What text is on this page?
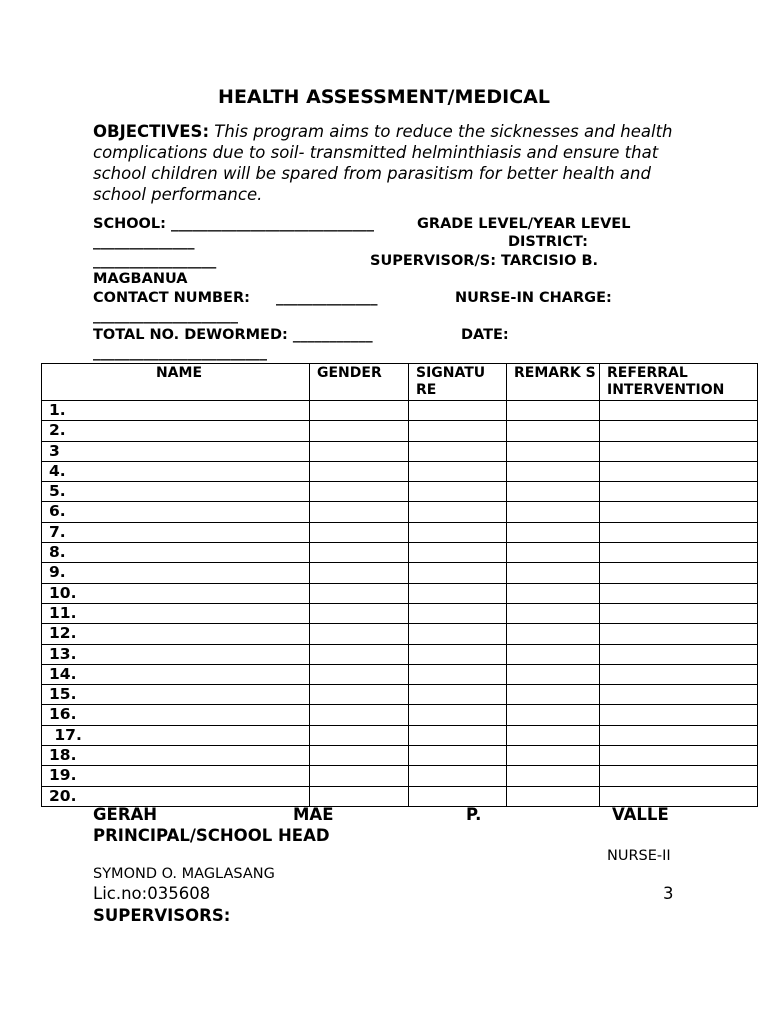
HEALTH ASSESSMENT/MEDICAL
OBJECTIVES: This program aims to reduce the sicknesses and health complications due to soil- transmitted helminthiasis and ensure that school children will be spared from parasitism for better health and school performance.
SCHOOL: ____________________________	GRADE LEVEL/YEAR LEVEL
______________	DISTRICT:
_________________	SUPERVISOR/S: TARCISIO B.
MAGBANUA
CONTACT NUMBER: ______________	NURSE-IN CHARGE:
____________________
TOTAL NO. DEWORMED: ___________	DATE:
________________________
NAME	GENDER	SIGNATU RE	REMARK S	REFERRAL INTERVENTION
1.				
2.				
3				
4.				
5.				
6.				
7.				
8.				
9.				
10.				
11.				
12.				
13.				
14.				
15.				
16.				
17.				
18.				
19.				
20.				
GERAH	MAE	P.	VALLE
PRINCIPAL/SCHOOL HEAD
NURSE-II
SYMOND O. MAGLASANG
Lic.no:035608	3
SUPERVISORS:
